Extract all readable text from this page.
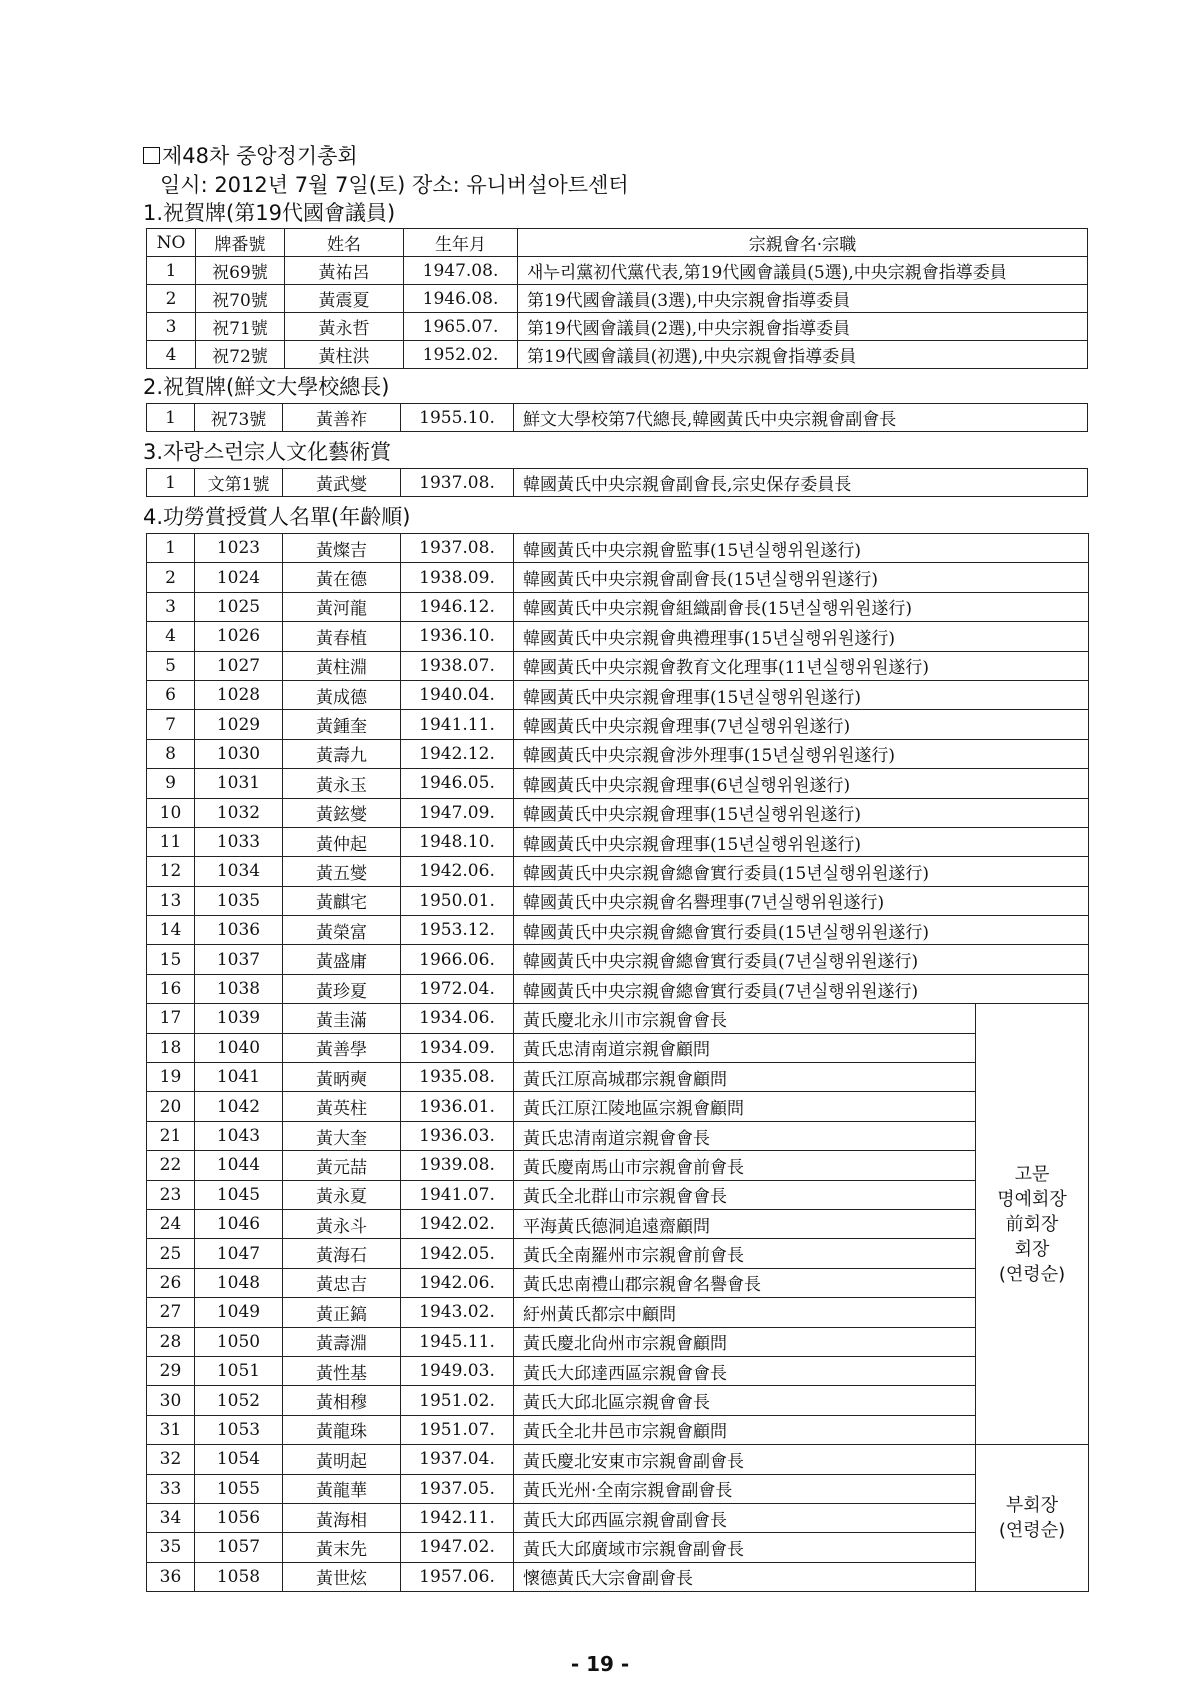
제48차 중앙정기총회
일시: 2012년 7월 7일(토) 장소: 유니버설아트센터
1.祝賀牌(第19代國會議員)
NO	牌番號	姓名	生年月	宗親會名·宗職
1	祝69號	黃祐呂	1947.08.	새누리黨初代黨代表,第19代國會議員(5選),中央宗親會指導委員
2	祝70號	黃震夏	1946.08.	第19代國會議員(3選),中央宗親會指導委員
3	祝71號	黃永哲	1965.07.	第19代國會議員(2選),中央宗親會指導委員
4	祝72號	黃柱洪	1952.02.	第19代國會議員(初選),中央宗親會指導委員
2.祝賀牌(鮮文大學校總長)
1	祝73號	黃善祚	1955.10.	鮮文大學校第7代總長,韓國黃氏中央宗親會副會長
3.자랑스런宗人文化藝術賞
1	文第1號	黃武燮	1937.08.	韓國黃氏中央宗親會副會長,宗史保存委員長
4.功勞賞授賞人名單(年齡順)
1	1023	黃燦吉	1937.08.	韓國黃氏中央宗親會監事(15년실행위원遂行)	
2	1024	黃在德	1938.09.	韓國黃氏中央宗親會副會長(15년실행위원遂行)	
3	1025	黃河龍	1946.12.	韓國黃氏中央宗親會組織副會長(15년실행위원遂行)	
4	1026	黃春植	1936.10.	韓國黃氏中央宗親會典禮理事(15년실행위원遂行)	
5	1027	黃柱淵	1938.07.	韓國黃氏中央宗親會教育文化理事(11년실행위원遂行)	
6	1028	黃成德	1940.04.	韓國黃氏中央宗親會理事(15년실행위원遂行)	
7	1029	黃鍾奎	1941.11.	韓國黃氏中央宗親會理事(7년실행위원遂行)	
8	1030	黃壽九	1942.12.	韓國黃氏中央宗親會涉外理事(15년실행위원遂行)	
9	1031	黃永玉	1946.05.	韓國黃氏中央宗親會理事(6년실행위원遂行)	
10	1032	黃鉉燮	1947.09.	韓國黃氏中央宗親會理事(15년실행위원遂行)	
11	1033	黃仲起	1948.10.	韓國黃氏中央宗親會理事(15년실행위원遂行)	
12	1034	黃五燮	1942.06.	韓國黃氏中央宗親會總會實行委員(15년실행위원遂行)	
13	1035	黃麒宅	1950.01.	韓國黃氏中央宗親會名譽理事(7년실행위원遂行)	
14	1036	黃榮富	1953.12.	韓國黃氏中央宗親會總會實行委員(15년실행위원遂行)	
15	1037	黃盛庸	1966.06.	韓國黃氏中央宗親會總會實行委員(7년실행위원遂行)	
16	1038	黃珍夏	1972.04.	韓國黃氏中央宗親會總會實行委員(7년실행위원遂行)	
17	1039	黃圭滿	1934.06.	黃氏慶北永川市宗親會會長	고문
명예회장
前회장
회장
(연령순)

18	1040	黃善學	1934.09.	黃氏忠清南道宗親會顧問	
19	1041	黃昞奭	1935.08.	黃氏江原高城郡宗親會顧問	
20	1042	黃英柱	1936.01.	黃氏江原江陵地區宗親會顧問	
21	1043	黃大奎	1936.03.	黃氏忠清南道宗親會會長	
22	1044	黃元喆	1939.08.	黃氏慶南馬山市宗親會前會長	
23	1045	黃永夏	1941.07.	黃氏全北群山市宗親會會長	
24	1046	黃永斗	1942.02.	平海黃氏德洞追遠齋顧問	
25	1047	黃海石	1942.05.	黃氏全南羅州市宗親會前會長	
26	1048	黃忠吉	1942.06.	黃氏忠南禮山郡宗親會名譽會長	
27	1049	黃正鎬	1943.02.	紆州黃氏都宗中顧問	
28	1050	黃壽淵	1945.11.	黃氏慶北尙州市宗親會顧問	
29	1051	黃性基	1949.03.	黃氏大邱達西區宗親會會長	
30	1052	黃相穆	1951.02.	黃氏大邱北區宗親會會長	
31	1053	黃龍珠	1951.07.	黃氏全北井邑市宗親會顧問	
32	1054	黃明起	1937.04.	黃氏慶北安東市宗親會副會長	부회장
(연령순)

33	1055	黃龍華	1937.05.	黃氏光州·全南宗親會副會長	
34	1056	黃海相	1942.11.	黃氏大邱西區宗親會副會長	
35	1057	黃末先	1947.02.	黃氏大邱廣域市宗親會副會長	
36	1058	黃世炫	1957.06.	懷德黃氏大宗會副會長	
- 19 -
